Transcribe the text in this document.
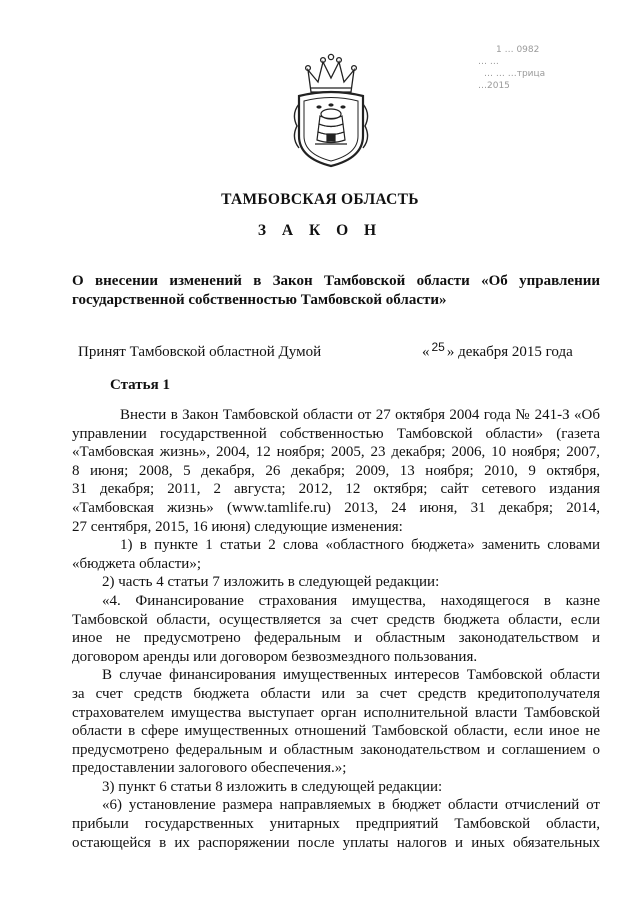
1 … 0982
… …
… … …трица
…2015
ТАМБОВСКАЯ ОБЛАСТЬ
З А К О Н
О внесении изменений в Закон Тамбовской области «Об управлении
государственной собственностью Тамбовской области»
Принят Тамбовской областной Думой	« $^{25}$ » декабря 2015 года
Статья 1
Внести в Закон Тамбовской области от 27 октября 2004 года № 241-З «Об
управлении государственной собственностью Тамбовской области» (газета
«Тамбовская жизнь», 2004, 12 ноября; 2005, 23 декабря; 2006, 10 ноября; 2007,
8 июня; 2008, 5 декабря, 26 декабря; 2009, 13 ноября; 2010, 9 октября,
31 декабря; 2011, 2 августа; 2012, 12 октября; сайт сетевого издания
«Тамбовская жизнь» (www.tamlife.ru) 2013, 24 июня, 31 декабря; 2014,
27 сентября, 2015, 16 июня) следующие изменения:
1) в пункте 1 статьи 2 слова «областного бюджета» заменить словами
«бюджета области»;
2) часть 4 статьи 7 изложить в следующей редакции:
«4. Финансирование страхования имущества, находящегося в казне
Тамбовской области, осуществляется за счет средств бюджета области, если
иное не предусмотрено федеральным и областным законодательством и
договором аренды или договором безвозмездного пользования.
В случае финансирования имущественных интересов Тамбовской области
за счет средств бюджета области или за счет средств кредитополучателя
страхователем имущества выступает орган исполнительной власти Тамбовской
области в сфере имущественных отношений Тамбовской области, если иное не
предусмотрено федеральным и областным законодательством и соглашением о
предоставлении залогового обеспечения.»;
3) пункт 6 статьи 8 изложить в следующей редакции:
«6) установление размера направляемых в бюджет области отчислений от
прибыли государственных унитарных предприятий Тамбовской области,
остающейся в их распоряжении после уплаты налогов и иных обязательных
